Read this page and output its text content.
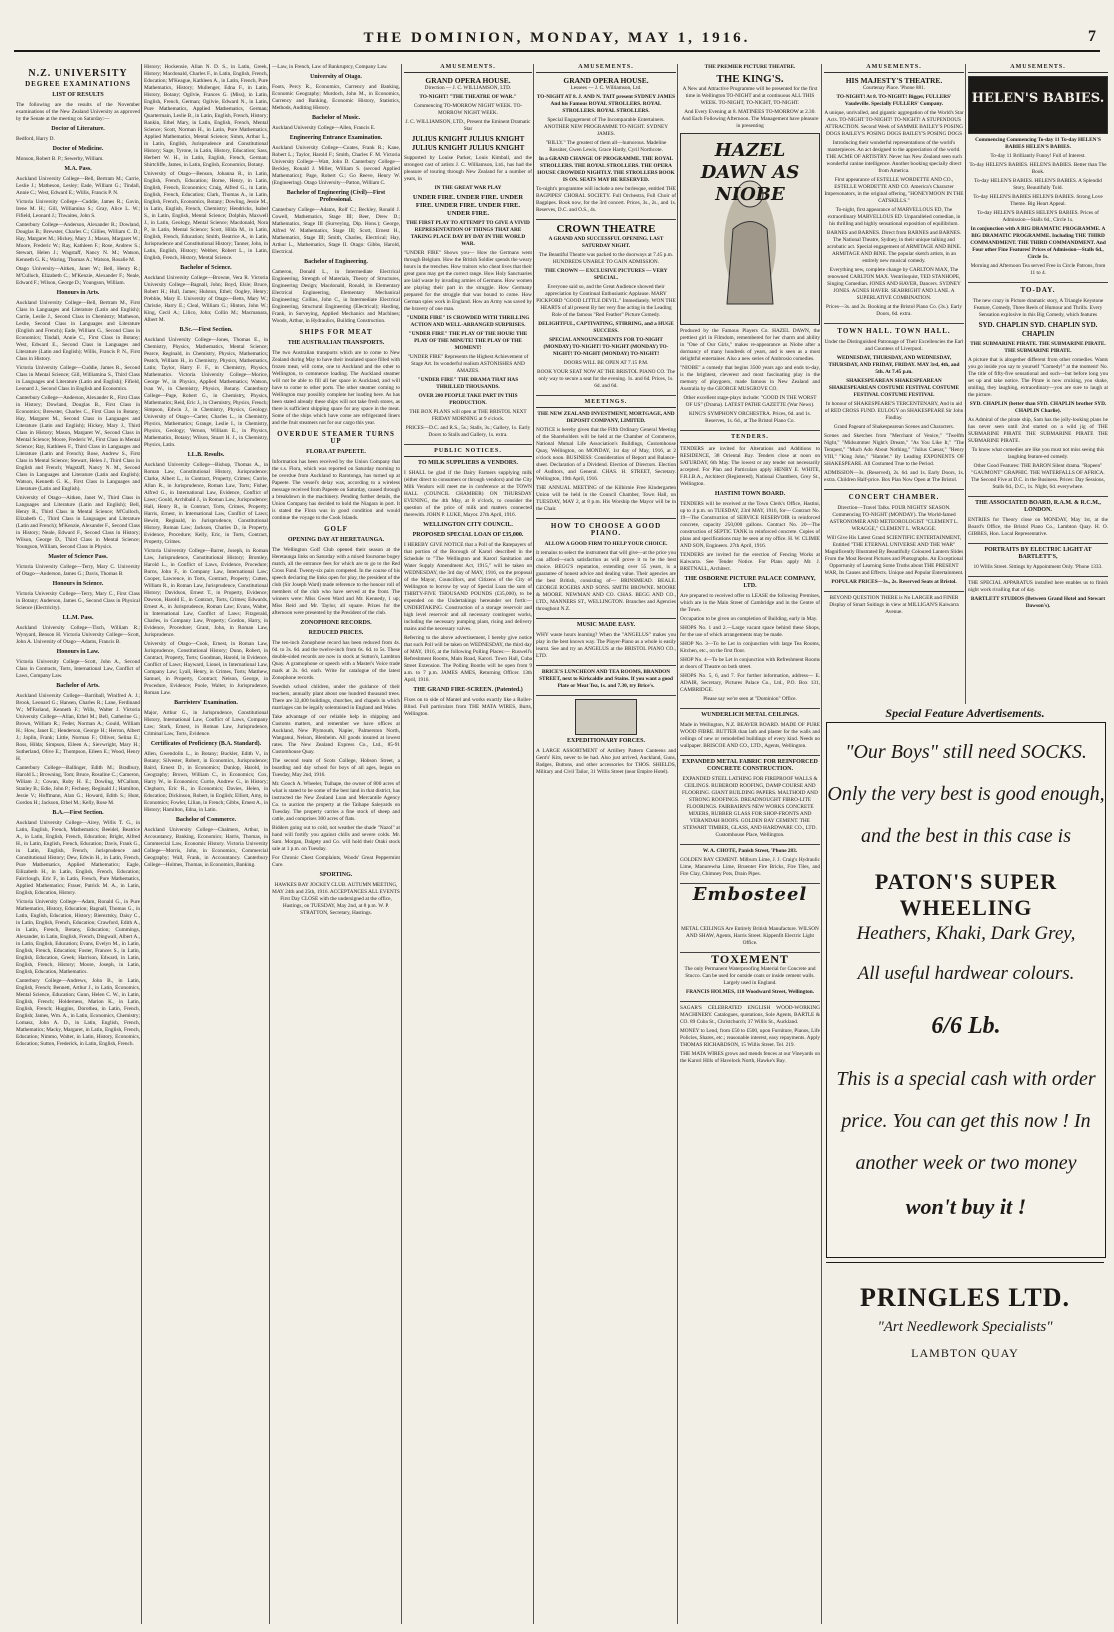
THE DOMINION, MONDAY, MAY 1, 1916.	7
N.Z. UNIVERSITY
DEGREE EXAMINATIONS
LIST OF RESULTS

The following are the results of the November examinations of the New Zealand University as approved by the Senate at the meeting on Saturday:—

Doctor of Literature.

Bedford, Harry D.

Doctor of Medicine.

Monson, Robert B. P.; Sewerby, William.

M.A. Pass.

Auckland University College—Bell, Bertram M.; Carrie, Leslie J.; Matheson, Lesley; Eade, William G.; Tindall, Annie C.; West, Edward E.; Willis, Francis P. N.

Victoria University College—Cuddie, James R.; Gavin, Irene M. H.; Gill, Williamina S.; Gray, Alice L. W.; Fifield, Leonard J.; Thwaites, John S.

Canterbury College—Anderson, Alexander R.; Dowland, Douglas B.; Brewster, Charles C.; Gillies, William C. D.; Hay, Margaret M.; Hickey, Mary J.; Mason, Margaret W.; Moore, Frederic W.; Ray, Kathleen F.; Rose, Andrew S.; Stewart, Helen J.; Wagstaff, Nancy N. M.; Watson, Kenneth G. K.; Waring, Thomas A.; Watson, Rosalie M.

Otago University—Aitken, Janet W.; Bell, Henry R.; M'Culloch, Elizabeth C.; M'Kenzie, Alexander F.; Neale, Edward F.; Wilson, George D.; Youngson, William.

Honours in Arts.

Auckland University College—Bell, Bertram M., First Class in Languages and Literature (Latin and English); Carrie, Leslie J., Second Class in Chemistry; Matheson, Leslie, Second Class in Languages and Literature (English and French); Eade, William G., Second Class in Economics; Tindall, Annie C., First Class in Botany; West, Edward E., Second Class in Languages and Literature (Latin and English); Willis, Francis P. N., First Class in History.

Victoria University College—Cuddie, James R., Second Class in Mental Science; Gill, Williamina S., Third Class in Languages and Literature (Latin and English); Fifield, Leonard J., Second Class in English and Economics.

Canterbury College—Anderson, Alexander R., First Class in History; Dowland, Douglas B., First Class in Economics; Brewster, Charles C., First Class in Botany; Hay, Margaret M., Second Class in Languages and Literature (Latin and English); Hickey, Mary J., Third Class in History; Mason, Margaret W., Second Class in Mental Science; Moore, Frederic W., First Class in Mental Science; Ray, Kathleen F., Third Class in Languages and Literature (Latin and French); Rose, Andrew S., First Class in Mental Science; Stewart, Helen J., Third Class in English and French; Wagstaff, Nancy N. M., Second Class in Languages and Literature (Latin and English); Watson, Kenneth G. K., First Class in Languages and Literature (Latin and English).

University of Otago—Aitken, Janet W., Third Class in Languages and Literature (Latin and English); Bell, Henry R., Third Class in Mental Science; M'Culloch, Elizabeth C., Third Class in Languages and Literature (Latin and French); M'Kenzie, Alexander F., Second Class in History; Neale, Edward F., Second Class in History; Wilson, George D., Third Class in Mental Science; Youngson, William, Second Class in Physics.

Master of Science Pass.

Victoria University College—Terry, Mary C. University of Otago—Anderson, James G.; Davis, Thomas B.

Honours in Science.

Victoria University College—Terry, Mary C., First Class in Botany; Anderson, James G., Second Class in Physical Science (Electricity).

LL.M. Pass.

Auckland University College—Tisch, William R.; Wynyard, Benson H. Victoria University College—Scott, John A. University of Otago—Adams, Francis B.

Honours in Law.

Victoria University College—Scott, John A., Second Class in Contracts, Torts, International Law, Conflict of Laws, Company Law.

Bachelor of Arts.

Auckland University College—Barriball, Winifred A. J.; Brook, Leonard G.; Hansen, Charles R.; Lane, Ferdinand W.; M'Farland, Kenneth F.; Wills, Walter J. Victoria University College—Allan, Ethel M.; Bell, Catherine G.; Brown, William R.; Feder, Norman A.; Gould, William H.; How, Janet E.; Henderson, George H.; Herron, Albert J.; Joplin, Frank; Little, Norman F.; Olliver, Selina E.; Ross, Hilda; Simpson, Eileen A.; Sievwright, Mary H.; Sutherland, Olive E.; Thompson, Eileen E.; Wood, Henry H.

Canterbury College—Ballinger, Edith M.; Bradbury, Harold L.; Browning, Tom; Bruce, Rosaline C.; Cameron, Wiliam J.; Cowan, Ruby H. E.; Dowling, M'Callum, Stanley B.; Edie, John P.; Fechney, Reginald J.; Hamilton, Jessie V.; Hoffmann, Alan G.; Howard, Edith S.; Hunt, Gordon H.; Jackson, Ethel M.; Kelly, Rose M.

B.A.—First Section.

Auckland University College—Airey, Willis T. G., in Latin, English, French, Mathematics; Beeidel, Beatrice A., in Latin, English, French, Education; Bright, Alfred H., in Latin, English, French, Education; Davis, Frank G., in Latin, English, French, Jurisprudence and Constitutional History; Dew, Edwin H., in Latin, French, Pure Mathematics, Applied Mathematics; Eagle, Eilizabeth H., in Latin, English, French, Education; Fairclough, Eric F., in Latin, French, Pure Mathematics, Applied Mathematics; Fraser, Patrick M. A., in Latin, English, Education, History.

Victoria University College—Adam, Ronald G., in Pure Mathematics, History, Education; Bagnall, Thomas G., in Latin, English, Education, History; Biereztsky, Daisy C., in Latin, English, French, Education; Crawford, Edith A., in Latin, French, Botany, Education; Cummings, Alexander, in Latin, English, French, Dingwall, Albert A., in Latin, English, Education; Evans, Evelyn M., in Latin, English, French, Education; Foster, Frances S., in Latin, English, Education, Greek; Harrison, Edward, in Latin, English, French, History; Moore, Joseph, in Latin, English, Education, Mathematics.

Canterbury College—Andrews, John B., in Latin, English, French; Bennett, Arthur J., in Latin, Economics, Mental Science, Education; Gunn, Helen C. W., in Latin, English, French; Holderness, Marion K., in Latin, English, French; Huggins, Dorothea, in Latin, French, English; James, Wm. A., in Latin, Economics, Chemistry; Lomasz, John A. D., in Latin, English, French, Mathematics; Macky, Margaret, in Latin, English, French, Education; Nimmo, Walter, in Latin, History, Economics, Education; Sutton, Frederick, in Latin, English, French.

History; Hockensie, Allan N. D. S., in Latin, Greek, History; Macdonald, Charles F., in Latin, English, French, Education; M'Keague, Kathleen A., in Latin, French, Pure Mathematics, History; Mullenger, Edna F., in Latin, History, Botany; Ogilvie, Frances G. (Miss), in Latin, English, French, German; Ogilvie, Edward N., in Latin, Pure Mathematics, Applied Mathematics, German; Quartermain, Leslie B., in Latin, English, French, History; Rankin, Ethel Mary, in Latin, English, French, Mental Science; Scott, Norman H., in Latin, Pure Mathematics, Applied Mathematics, Mental Science; Simm, Arthur L., in Latin, English, Jurisprudence and Constitutional History; Sage, Tyrone, in Latin, History, Education; Sass, Herbert W. H., in Latin, English, French, German; Shirtcliffe, James, in Latin, English, Economics, Botany.

University of Otago—Benson, Johanna R., in Latin, English, French, Education; Borne, Henry, in Latin, English, French, Economics; Craig, Alfred G., in Latin, English, French, Education; Clark, Thomas A., in Latin, English, French, Economics, Botany; Dowling, Jessie M., in Latin, English, French, Chemistry; Hendricks, Isabel S., in Latin, English, Mental Science; Dolphin, Maxwell J., in Latin, Geology, Mental Science; Macdonald, Nora P., in Latin, Mental Science; Scott, Hilda M., in Latin, English, French, Education; Smith, Beatrice A., in Latin, Jurisprudence and Constitutional History; Tanner, John, in Latin, English, History; Webber, Robert L., in Latin, English, French, History, Mental Science.

Bachelor of Science.

Auckland University College—Browne, Vera R. Victoria University College—Bagnall, John; Boyd, Elsie; Bruce, Robert H.; Hull, James; Hulston, Ethel; Oogley, Henry; Prebble, Mary E. University of Otago—Betts, Mary W.; Christie, Harry E.; Cleal, William G.; Hinton, John W.; King, Cecil A.; Lilico, John; Collin M.; Macmanara, Albert M.

B.Sc.—First Section.

Auckland University College—Jones, Thomas E., in Chemistry, Physics, Mathematics, Mental Science; Pearce, Reginald, in Chemistry, Physics, Mathematics; Peatch, William H., in Chemistry, Physics, Mathematics, Latin; Taylor, Harry F. F., in Chemistry, Physics, Mathematics. Victoria University College—Morice, George W., in Physics, Applied Mathematics; Watson, Ivan W., in Chemistry, Physics, Botany. Canterbury College—Page, Robert G., in Chemistry, Physics, Mathematics; Reid, Eric J., in Chemistry, Physics, French; Simpson, Edwin J., in Chemistry, Physics, Geology. University of Otago—Carter, Charles L., in Chemistry, Physics, Mathematics; Grange, Leslie I., in Chemistry, Physics, Geology; Vernon, William E., in Physics, Mathematics, Botany; Wilson, Stuart H. J., in Chemistry, Physics, Latin.

LL.B. Results.

Auckland University College—Bishop, Thomas A., in Roman Law, Constitutional History, Jurisprudence; Clarke, Albert L., in Contract, Property, Crimes; Currie, Allan R., in Jurisprudence, Roman Law, Torts; Fisher, Alfred G., in International Law, Evidence, Conflict of Laws; Gould, Archibald J., in Roman Law, Jurisprudence; Hall, Henry R., in Contract, Torts, Crimes, Property; Harris, Ernest, in International Law, Conflict of Laws; Hewitt, Reginald, in Jurisprudence, Constitutional History, Roman Law; Jackson, Charles D., in Property, Evidence, Procedure; Kelly, Eric, in Torts, Contract, Property, Crimes.

Victoria University College—Barrer, Joseph, in Roman Law, Jurisprudence, Constitutional History; Bromley, Harold L., in Conflict of Laws, Evidence, Procedure; Burns, John F., in Company Law, International Law; Cooper, Lawrence, in Torts, Contract, Property; Cutten, William R., in Roman Law, Jurisprudence, Constitutional History; Davidson, Ernest T., in Property, Evidence; Dawson, Harold E., in Contract, Torts, Crimes; Edwards, Ernest A., in Jurisprudence, Roman Law; Evans, Walter, in International Law, Conflict of Laws; Fitzgerald, Charles, in Company Law, Property; Gordon, Harry, in Evidence, Procedure; Grant, John, in Roman Law, Jurisprudence.

University of Otago—Cook, Ernest, in Roman Law, Jurisprudence, Constitutional History; Dunn, Robert, in Contract, Property, Torts; Goodman, Harold, in Evidence, Conflict of Laws; Hayward, Lionel, in International Law, Company Law; Lyall, Henry, in Crimes, Torts; Matthew, Samuel, in Property, Contract; Nelson, George, in Procedure, Evidence; Poole, Walter, in Jurisprudence, Roman Law.

Barristers' Examination.

Major, Arthur G., in Jurisprudence, Constitutional History, International Law, Conflict of Laws, Company Law; Stark, Ernest, in Roman Law, Jurisprudence, Criminal Law, Torts, Evidence.

Certificates of Proficiency (B.A. Standard).

Allen, Gwendolin L., in Botany; Buckler, Edith V., in Botany; Silvester, Robert, in Economics, Jurisprudence; Baird, Ernest D., in Economics; Dunlop, Harold, in Geography; Brown, William C., in Economics; Cox, Harry W., in Economics; Currie, Andrew G., in History; Cleghorn, Eric R., in Economics; Davies, Helen, in Education; Dickinson, Robert, in English; Elliott, Amy, in Economics; Fowler, Lilian, in French; Gibbs, Ernest A., in History; Hamilton, Edna, in Latin.

Bachelor of Commerce.

Auckland University College—Chalmers, Arthur, in Accountancy, Banking, Economics; Harris, Thomas, in Commercial Law, Economic History. Victoria University College—Morris, John, in Economics, Commercial Geography; Wall, Frank, in Accountancy. Canterbury College—Holmes, Thomas, in Economics, Banking.

—Law, in French, Law of Bankruptcy, Company Law.

University of Otago.

Foots, Percy R., Economics, Currency and Banking, Economic Geography; Murdoch, John M., in Economics, Currency and Banking, Economic History, Statistics, Methods, Auditing History.

Bachelor of Music.

Auckland University College—Allen, Francis E.

Engineering Entrance Examination.

Auckland University College—Coates, Frank R.; Kane, Robert L.; Taylor, Harold F.; Smith, Charles F. M. Victoria University College—Watt, John D. Canterbury College—Beckley, Ronald J. Miller, William S. (second Applied Mathematics); Page, Robert G.; Go Reeve, Henry W. (Engineering). Otago University—Patton, William C.

Bachelor of Engineering (Civil)—First Professional.

Canterbury College—Adams, Rolf C.; Beckley, Ronald J. Cowell, Mathematics, Stage III; Beer, Drew D.; Mathematics, Stage III (Surveying, Dip. Hons.); George, Alfred W. Mathematics, Stage III; Scott, Ernest H., Mathematics, Stage III; Smith, Charles, Electrical; Hay, Arthur L., Mathematics, Stage II. Otago: Gibbs, Harold, Electrical.

Bachelor of Engineering.

Cameron, Donald L., in Intermediate Electrical Engineering, Strength of Materials, Theory of Structures, Engineering Design; Macdonald, Ronald, in Elementary Electrical Engineering, Elementary Mechanical Engineering; Collins, John C., in Intermediate Electrical Engineering, Structural Engineering (Electrical); Harding, Frank, in Surveying, Applied Mechanics and Machines; Woods, Arthur, in Hydraulics, Building Construction.

SHIPS FOR MEAT
THE AUSTRALIAN TRANSPORTS.

The two Australian transports which are to come to New Zealand during May to have their insulated space filled with frozen meat, will come, one to Auckland and the other to Wellington, to commence loading. The Auckland steamer will not be able to fill all her space in Auckland, and will have to come to other ports. The other steamer coming to Wellington may possibly complete her loading here. As has been stated already these ships will not take fresh stores, as there is sufficient shipping space for any space in the meat. Some of the ships which have come are refrigerated liners and the fruit steamers not for our cargo this year.

OVERDUE STEAMER TURNS UP
FLORA AT PAPEETE.

Information has been received by the Union Company that the s.s. Flora, which was reported on Saturday morning to be overdue from Auckland to Rarotonga, has turned up at Papeete. The vessel's delay was, according to a wireless message received from Papeete on Saturday, caused through a breakdown in the machinery. Pending further details, the Union Company has decided to hold the Niagara in port. It is stated the Flora was in good condition and would continue the voyage to the Cook Islands.

GOLF
OPENING DAY AT HERETAUNGA.

The Wellington Golf Club opened their season at the Heretaunga links on Saturday with a mixed foursome bogey match, all the entrance fees for which are to go to the Red Cross Fund. Twenty-six pairs competed. In the course of his speech declaring the links open for play, the president of the club (Sir Joseph Ward) made reference to the honour roll of members of the club who have served at the front. The winners were: Miss Gwen Ward and Mr. Kennedy, 1 up; Miss Reid and Mr. Taylor, all square. Prizes for the afternoon were presented by the President of the club.

ZONOPHONE RECORDS.
REDUCED PRICES.

The ten-inch Zonophone record has been reduced from 4s. 6d. to 3s. 6d. and the twelve-inch from 6s. 6d. to 5s. These double-sided records are now in stock at Sutton's, Lambton Quay. A gramophone or speech with a Master's Voice trade mark at 2s. 6d. each. Write for catalogue of the latest Zonophone records.

Swedish school children, under the guidance of their teachers, annually plant about one hundred thousand trees. There are 32,400 buildings, churches, and chapels in which marriages can be legally solemnised in England and Wales.

Take advantage of our reliable help in shipping and Customs matters, and remember we have offices at Auckland, New Plymouth, Napier, Palmerston North, Wanganui, Nelson, Blenheim. All goods insured at lowest rates. The New Zealand Express Co., Ltd., 85-91 Customhouse Quay.

The second team of Scots College, Hobson Street, a boarding and day school for boys of all ages, began on Tuesday, May 2nd, 1916.

Mr. Gooch A. Wheeler, Tuihape, the owner of 800 acres of what is stated to be some of the best land in that district, has instructed the New Zealand Loan and Mercantile Agency Co. to auction the property at the Taihape Saleyards on Tuesday. The property carries a fine stock of sheep and cattle, and comprises 300 acres of flats.

Bidders going out to cold, not weather the shade "Nazol" at hand will fortify you against chills and severe colds. Mr. Sam. Morgan, Dalgety and Co. will hold their Otaki stock sale at 1 p.m. on Tuesday.

For Chronic Chest Complaints, Woods' Great Peppermint Cure.

SPORTING.

HAWKES BAY JOCKEY CLUB. AUTUMN MEETING, MAY 24th and 25th, 1916. ACCEPTANCES ALL EVENTS First Day CLOSE with the undersigned at the office, Hastings, on TUESDAY, May 2nd, at 8 p.m. W. P. STRATTON, Secretary, Hastings.

AMUSEMENTS.
GRAND OPERA HOUSE.

Direction — J. C. WILLIAMSON, LTD.

TO-NIGHT! "THE THEATRE OF WAR."

Commencing TO-MORROW NIGHT WEEK. TO-MORROW NIGHT WEEK.

J. C. WILLIAMSON, LTD., Present the Eminent Dramatic Star

JULIUS KNIGHT JULIUS KNIGHT JULIUS KNIGHT JULIUS KNIGHT

Supported by Louise Parker, Louis Kimball, and the strongest cast of artists J. C. Williamson, Ltd., has had the pleasure of touring through New Zealand for a number of years, in

IN THE GREAT WAR PLAY

UNDER FIRE. UNDER FIRE. UNDER FIRE. UNDER FIRE. UNDER FIRE. UNDER FIRE.

THE FIRST PLAY TO ATTEMPT TO GIVE A VIVID REPRESENTATION OF THINGS THAT ARE TAKING PLACE DAY BY DAY IN THE WORLD WAR.

"UNDER FIRE" Shows you— How the Germans went through Belgium. How the British Soldier spends the weary hours in the trenches. How traitors who cheat lives that their great guns may get the correct range. How Holy Sanctuaries are laid waste by invading armies of Germans. How women are playing their part in the struggle. How Germany prepared for the struggle that was bound to come. How German spies work in England. How an Army was saved by the bravery of one man.

"UNDER FIRE" IS CROWDED WITH THRILLING ACTION AND WELL-ARRANGED SURPRISES.

"UNDER FIRE" THE PLAY OF THE HOUR! THE PLAY OF THE MINUTE! THE PLAY OF THE MOMENT!

"UNDER FIRE" Represents the Highest Achievement of Stage Art. Its wonderful realism ASTONISHES AND AMAZES.

"UNDER FIRE" THE DRAMA THAT HAS THRILLED THOUSANDS.

OVER 200 PEOPLE TAKE PART IN THIS PRODUCTION.

THE BOX PLANS will open at THE BRISTOL NEXT FRIDAY MORNING at 9 o'clock.

PRICES—D.C. and R.S., 5s.; Stalls, 3s.; Gallery, 1s. Early Doors to Stalls and Gallery, 1s. extra.

PUBLIC NOTICES.
TO MILK SUPPLIERS & VENDORS.

I SHALL be glad if the Dairy Farmers supplying milk (either direct to consumers or through vendors) and the City Milk Vendors will meet me in conference at the TOWN HALL (COUNCIL CHAMBER) ON THURSDAY EVENING, the 4th May, at 8 o'clock, to consider the question of the price of milk and matters connected therewith. JOHN P. LUKE, Mayor. 27th April, 1916.

WELLINGTON CITY COUNCIL.
PROPOSED SPECIAL LOAN OF £35,000.

I HEREBY GIVE NOTICE that a Poll of the Ratepayers of that portion of the Borough of Karori described in the Schedule to "The Wellington and Karori Sanitation and Water Supply Amendment Act, 1915," will be taken on WEDNESDAY, the 3rd day of MAY, 1916, on the proposal of the Mayor, Councillors, and Citizens of the City of Wellington to borrow by way of Special Loan the sum of THIRTY-FIVE THOUSAND POUNDS (£35,000), to be expended on the Undertakings hereunder set forth:— UNDERTAKING. Construction of a storage reservoir and high level reservoir and all necessary contingent works, including the necessary pumping plant, rising and delivery mains and the necessary valves.

Referring to the above advertisement, I hereby give notice that such Poll will be taken on WEDNESDAY, the third day of MAY, 1916, at the following Polling Places:— Ruswell's Refreshment Rooms, Main Road, Karori. Town Hall, Cuba Street Extension. The Polling Booths will be open from 9 a.m. to 7 p.m. JAMES AMES, Returning Officer. 13th April, 1916.

THE GRAND FIRE-SCREEN. (Patented.)

Fixes on to side of Mantel and works exactly like a Roller-Blind. Full particulars from THE MATA WIRES, Burts, Wellington.

AMUSEMENTS.
GRAND OPERA HOUSE.

Lessees — J. C. Williamson, Ltd.

TO-NIGHT AT 8. J. AND N. TAIT present SYDNEY JAMES And his Famous ROYAL STROLLERS. ROYAL STROLLERS. ROYAL STROLLERS.

Special Engagement of The Incomparable Entertainers. ANOTHER NEW PROGRAMME TO-NIGHT. SYDNEY JAMES.

"BILLY." The greatest of them all—humorous. Madeline Rossiter, Gwen Lewis, Grace Hardy, Cyril Northcote.

In a GRAND CHANGE OF PROGRAMME. THE ROYAL STROLLERS. THE ROYAL STROLLERS. THE OPERA HOUSE CROWDED NIGHTLY. THE STROLLERS BOOK IS ON. SEATS MAY BE RESERVED.

To-night's programme will include a new burlesque, entitled THE BAGPIPES' CHORAL SOCIETY. Full Orchestra, Full Choir of Bagpipes. Book now, for the 3rd concert. Prices, 3s., 2s., and 1s. Reserves, D.C. and O.S., 4s.

CROWN THEATRE

A GRAND AND SUCCESSFUL OPENING. LAST SATURDAY NIGHT.

The Beautiful Theatre was packed to the doorways at 7.45 p.m. HUNDREDS UNABLE TO GAIN ADMISSION.

THE CROWN — EXCLUSIVE PICTURES — VERY SPECIAL.

Everyone said so, and the Great Audience showed their appreciation by Continual Enthusiastic Applause. MARY PICKFORD "GOOD LITTLE DEVIL." Immediately. WON THE HEARTS of all present By her very fine acting in the Leading Role of the famous "Red Feather" Picture Comedy.

DELIGHTFUL, CAPTIVATING, STIRRING, and a HUGE SUCCESS.

SPECIAL ANNOUNCEMENTS FOR TO-NIGHT (MONDAY) TO-NIGHT! TO-NIGHT (MONDAY) TO-NIGHT! TO-NIGHT (MONDAY) TO-NIGHT!

DOORS WILL BE OPEN AT 7.15 P.M.

BOOK YOUR SEAT NOW AT THE BRISTOL PIANO CO. The only way to secure a seat for the evening. 1s. and 6d. Prices, 1s. 6d. and 6d.

MEETINGS.

THE NEW ZEALAND INVESTMENT, MORTGAGE, AND DEPOSIT COMPANY, LIMITED.

NOTICE is hereby given that the Fifth Ordinary General Meeting of the Shareholders will be held at the Chamber of Commerce, National Mutual Life Association's Buildings, Customhouse Quay, Wellington, on MONDAY, 1st day of May, 1916, at 2 o'clock noon. BUSINESS: Consideration of Report and Balance-sheet. Declaration of a Dividend. Election of Directors. Election of Auditors, and General. CHAS. H. STREET, Secretary. Wellington, 19th April, 1916.

THE ANNUAL MEETING of the Kilbirnie Free Kindergarten Union will be held in the Council Chamber, Town Hall, on TUESDAY, MAY 2, at 8 p.m. His Worship the Mayor will be in the Chair.

HOW TO CHOOSE A GOOD PIANO.

ALLOW A GOOD FIRM TO HELP YOUR CHOICE.

It remains to select the instrument that will give—at the price you can afford—such satisfaction as will prove it to be the best choice. BEGG'S reputation, extending over 55 years, is a guarantee of honest advice and dealing value. Their agencies are the best British, consisting of— BRINSMEAD. BEALE. GEORGE ROGERS AND SONS. SMITH BROWNE. MOORE & MOORE. NEWMAN AND CO. CHAS. BEGG AND CO., LTD., MANNERS ST., WELLINGTON. Branches and Agencies throughout N.Z.

MUSIC MADE EASY.

WHY waste hours learning? When the "ANGELUS" makes you play in the best known way. The Player-Piano as a whole is easily learnt. See and try an ANGELUS at the BRISTOL PIANO CO., LTD.

BRICE'S LUNCHEON AND TEA ROOMS, BRANDON STREET, next to Kirkcaldie and Stains. If you want a good Plate or Meat Tea, 1s. and 7.30, try Brice's.

EXPEDITIONARY FORCES.

A LARGE ASSORTMENT of Artillery Pattern Canteens and Gent's' Kits, never to be had. Also just arrived, Auckland, Guns, Badges, Buttons, and other accessories for THOS. SHIELDS, Military and Civil Tailor, 31 Willis Street (near Empire Hotel).

THE PREMIER PICTURE THEATRE.

THE KING'S.

A New and Attractive Programme will be presented for the first time in Wellington TO-NIGHT and at continuous ALL THIS WEEK. TO-NIGHT, TO-NIGHT, TO-NIGHT.

And Every Evening at 8. MATINEES TO-MORROW at 2.30. And Each Following Afternoon. The Management have pleasure in presenting

HAZEL DAWN AS NIOBE

Produced by the Famous Players Co. HAZEL DAWN, the prettiest girl in Filmdom, remembered for her charm and ability in "One of Our Girls," makes re-appearance as Niobe after a dormancy of many hundreds of years, and is seen as a most delightful entertainer. Also a new series of Ambrosio comedies.

"NIOBE" a comedy that begins 3500 years ago and ends to-day, is the brightest, cleverest and most fascinating play in the memory of playgoers, made famous in New Zealand and Australia by the GEORGE MUSGROVE CO.

Other excellent stage-plays include: "GOOD IN THE WORST OF US" (Drama). LATEST PATHE GAZETTE (War News).

KING'S SYMPHONY ORCHESTRA. Prices, 6d. and 1s. Reserves, 1s. 6d., at The Bristol Piano Co.

TENDERS.

TENDERS are invited for Alterations and Additions to RESIDENCE, 38 Oriental Bay. Tenders close at noon on SATURDAY, 6th May. The lowest or any tender not necessarily accepted. For Plan and Particulars apply HENRY E. WHITE, F.R.I.B.A., Architect (Registered), National Chambers, Grey St., Wellington.

HASTINI TOWN BOARD.

TENDERS will be received at the Town Clerk's Office, Hastini, up to 4 p.m. on TUESDAY, 23rd MAY, 1916, for— Contract No. 19—The Construction of SERVICE RESERVOIR in reinforced concrete, capacity 250,000 gallons. Contract No. 20—The construction of SEPTIC TANK in reinforced concrete. Copies of plans and specifications may be seen at my office. H. W. CLIMIE AND SON, Engineers. 27th April, 1916.

TENDERS are invited for the erection of Fencing Works at Kaiwarra. See Tender Notice. For Plans apply Mr. J. BRETNALL, Architect.

THE OSBORNE PICTURE PALACE COMPANY, LTD.

Are prepared to received offer to LEASE the following Premises, which are in the Main Street of Cambridge and in the Centre of the Town.

Occupation to be given on completion of Building, early in May.

SHOPS No. 1 and 2.—Large vacant space behind these Shops, for the use of which arrangements may be made.

SHOP No. 3—To be Let in conjunction with large Tea Rooms, Kitchen, etc., on the first floor.

SHOP No. 4—To be Let in conjunction with Refreshment Rooms at doors of Theatre on both street.

SHOPS No. 5, 6, and 7. For further information, address— E. ADAIR, Secretary, Pictures Palace Co., Ltd., P.O. Box 131, CAMBRIDGE.

Please say we're seen at "Dominion" Office.

WUNDERLICH METAL CEILINGS.

Made in Wellington, N.Z. BEAVER BOARD. MADE OF PURE WOOD FIBRE. BUTTER than lath and plaster for the walls and ceilings of new or remodelled buildings of every kind. Needs no wallpaper. BRISCOE AND CO., LTD., Agents, Wellington.

EXPANDED METAL FABRIC FOR REINFORCED CONCRETE CONSTRUCTION.

EXPANDED STEEL LATHING FOR FIREPROOF WALLS & CEILINGS. RUBEROID ROOFING, DAMP COURSE AND FLOORING. GIANT BUILDING PAPERS. MALTHOID AND STRONG ROOFINGS. DREADNOUGHT FIBRO-LITE FLOORINGS. FAIRBAIRN'S NEW WORKS CONCRETE MIXERS, RUBBER GLASS FOR SHOP-FRONTS AND VERANDAH ROOFS. GOLDEN BAY CEMENT. THE STEWART TIMBER, GLASS, AND HARDWARE CO., LTD. Customhouse Place, Wellington.

W. A. CHOTE, Panish Street, 'Phone 283.

GOLDEN BAY CEMENT. Milburn Lime, J. J. Craig's Hydraulic Lime, Manurewha Lime, Bruenter Fire Bricks, Fire Tiles, and Fire Clay, Chimney Pots, Drain Pipes.

Embosteel

METAL CEILINGS Are Entirely British Manufacture. WILSON AND SHAW, Agents, Harris Street. Kippenfit Electric Light Office.

TOXEMENT

The only Permanent Waterproofing Material for Concrete and Stucco. Can be used for outside coats or inside cement walls. Largely used in England.

FRANCIS HOLMES, 118 Woodward Street, Wellington.

SAGAR'S CELEBRATED ENGLISH WOOD-WORKING MACHINERY. Catalogues, quotations, Sole Agents, BARTLE & CO. 89 Cuba St., Christchurch; 37 Willis St., Auckland.

MONEY to Lend, from £50 to £500, upon Furniture, Pianos, Life Policies, Shares, etc.; reasonable interest, easy repayments. Apply THOMAS RICHARDSON, 15 Willis Street. Tel. 219.

THE MATA WIRES grows and mends fences at our Vineyards on the Karori Hills of Havelock North, Hawke's Bay.

AMUSEMENTS.
HIS MAJESTY'S THEATRE.

Courtenay Place. 'Phone 881.

TO-NIGHT! At 8. TO-NIGHT! Bigger, FULLERS' Vaudeville. Specially FULLERS' Company.

A unique, unrivalled, and gigantic aggregation of the World's Star Acts. TO-NIGHT TO-NIGHT! TO-NIGHT! A STUPENDOUS ATTRACTION. Second Week of SAMMIE BAILEY'S POSING DOGS BAILEY'S POSING DOGS BAILEY'S POSING DOGS

Introducing their wonderful representations of the world's masterpieces. An act designed to the appreciation of the world. THE ACME OF ARTISTRY. Never has New Zealand seen such wonderful canine intelligence. Another booking specially direct from America.

First appearance of ESTELLE WORDETTE AND CO., ESTELLE WORDETTE AND CO. America's Character Impersonators, in the original offering, "HONEYMOON IN THE CATSKILLS."

To-night, first appearance of MARVELLOUS ED, The extraordinary MARVELLOUS ED. Unparalleled comedian, in his thrilling and highly sensational exposition of equilibrium.

BARNES and BARNES. Direct from BARNES and BARNES. The National Theatre, Sydney, in their unique talking and acrobatic act. Special engagement of ARMITAGE AND BINE. ARMITAGE AND BINE. The popular sketch artists, in an entirely new musical comedy.

Everything new, complete change by CARLTON MAX, The renowned CARLTON MAX. Ventriloquist, TED STANHOPE, Singing Comedian. JONES AND HAVER, Dancers. SYDNEY JONES. AGNES HAVER. SEABRIGHT AND LANE. A SUPERLATIVE COMBINATION.

Prices—3s. and 2s. Booking at the Bristol Piano Co. (3s.). Early Doors, 6d. extra.

TOWN HALL. TOWN HALL.

Under the Distinguished Patronage of Their Excellencies the Earl and Countess of Liverpool.

WEDNESDAY, THURSDAY, AND WEDNESDAY, THURSDAY, AND FRIDAY, FRIDAY. MAY 3rd, 4th, and 5th. At 7.45 p.m.

SHAKESPEAREAN SHAKESPEAREAN SHAKESPEAREAN COSTUME FESTIVAL COSTUME FESTIVAL COSTUME FESTIVAL

In honour of SHAKESPEARE'S TERCENTENARY, And in aid of RED CROSS FUND. EULOGY on SHAKESPEARE Sir John Findlay.

Grand Pageant of Shakespearean Scenes and Characters.

Scenes and Sketches from "Merchant of Venice," "Twelfth Night," "Midsummer Night's Dream," "As You Like It," "The Tempest," "Much Ado About Nothing," "Julius Caesar," "Henry VIII," "King John," "Hamlet." By Leading EXPONENTS OF SHAKESPEARE. All Costumed True to the Period.

ADMISSION—3s. (Reserved), 2s. 6d. and 1s. Early Doors, 1s. extra. Children Half-price. Box Plan Now Open at The Bristol.

CONCERT CHAMBER.

Direction—Travel Talks. FOUR NIGHTS' SEASON. Commencing TO-NIGHT (MONDAY). The World-famed ASTRONOMER AND METEOROLOGIST "CLEMENT L. WRAGGE," CLEMENT L. WRAGGE.

Will Give His Latest Grand SCIENTIFIC ENTERTAINMENT, Entitled "THE ETERNAL UNIVERSE AND THE WAR" Magnificently Illustrated By Beautifully Coloured Lantern Slides From the Most Recent Pictures and Photographs. An Exceptional Opportunity of Learning Some Truths about THE PRESENT WAR, Its Causes and Effects. Unique and Popular Entertainment.

POPULAR PRICES—3s., 2s. Reserved Seats at Bristol.

BEYOND QUESTION THERE is No LARGER and FINER Display of Smart Suitings in view at MILLIGAN'S Kaiwarra Avenue.

AMUSEMENTS.
HELEN'S BABIES.

Commencing Commencing To-day 11 To-day HELEN'S BABIES HELEN'S BABIES.

To-day 11 Brilliantly Funny! Full of Interest.

To-day HELEN'S BABIES. HELEN'S BABIES. Better than The Book.

To-day HELEN'S BABIES. HELEN'S BABIES. A Splendid Story, Beautifully Told.

To-day HELEN'S BABIES HELEN'S BABIES. Strong Love Theme. Big Heart Appeal.

To-day HELEN'S BABIES HELEN'S BABIES. Prices of Admission—Stalls 6d., Circle 1s.

In conjunction with A BIG DRAMATIC PROGRAMME. A BIG DRAMATIC PROGRAMME. Including THE THIRD COMMANDMENT. THE THIRD COMMANDMENT. And Four other Fine Features! Prices of Admission—Stalls 6d., Circle 1s.

Morning and Afternoon Tea served Free in Circle Patrons, from 11 to 4.

TO-DAY.

The new crazy in Picture dramatic story, A Triangle Keystone Feature, Comedy, Three Reels of Humour and Thrills. Every Sensation explosive in this Big Comedy, which features

SYD. CHAPLIN SYD. CHAPLIN SYD. CHAPLIN

THE SUBMARINE PIRATE. THE SUBMARINE PIRATE. THE SUBMARINE PIRATE.

A picture that is altogether different from other comedies. Wants you go inside you say to yourself "Comedy!" at the moment! No. The title of fifty-five sensational and such—but before long you set up and take notice. The Pirate is now cruising, you shake, smiling, they laughing, extraordinary—you are sure to laugh at the picture.

SYD. CHAPLIN (better than SYD. CHAPLIN brother SYD. CHAPLIN Charlie).

As Admiral of the pirate ship, Sam has the jolly-looking plans he has never seen until 2nd started on a wild jig of THE SUBMARINE PIRATE THE SUBMARINE PIRATE THE SUBMARINE PIRATE.

To know what comedies are like you must not miss seeing this laughing feature-ed comedy.

Other Good Features: THE BARON Silent drama. "Ropeen" "GAUMONT" GRAPHIC. THE WATERFALLS OF AFRICA. The Second Five at D.C. in the Business. Prices: Day Sessions, Stalls 6d., D.C., 1s. Night, 6d. everywhere.

THE ASSOCIATED BOARD, R.A.M. & R.C.M., LONDON.

ENTRIES for Theory close on MONDAY, May 1st, at the Board's Office, the Bristol Piano Co., Lambton Quay. H. O. GIBBES, Hon. Local Representative.

PORTRAITS BY ELECTRIC LIGHT AT BARTLETT'S,

10 Willis Street. Sittings by Appointment Only. 'Phone 1333.

THE SPECIAL APPARATUS installed here enables us to finish night work rivalling that of day.

BARTLETT STUDIOS (Between Grand Hotel and Stewart Dawson's).

Special Feature Advertisements.
"Our Boys" still need SOCKS.
Only the very best is good enough,
and the best in this case is
PATON'S SUPER WHEELING
Heathers, Khaki, Dark Grey,
All useful hardwear colours.
6/6 Lb.
This is a special cash with order
price. You can get this now ! In
another week or two money
won't buy it !
PRINGLES LTD.
"Art Needlework Specialists"
LAMBTON QUAY
